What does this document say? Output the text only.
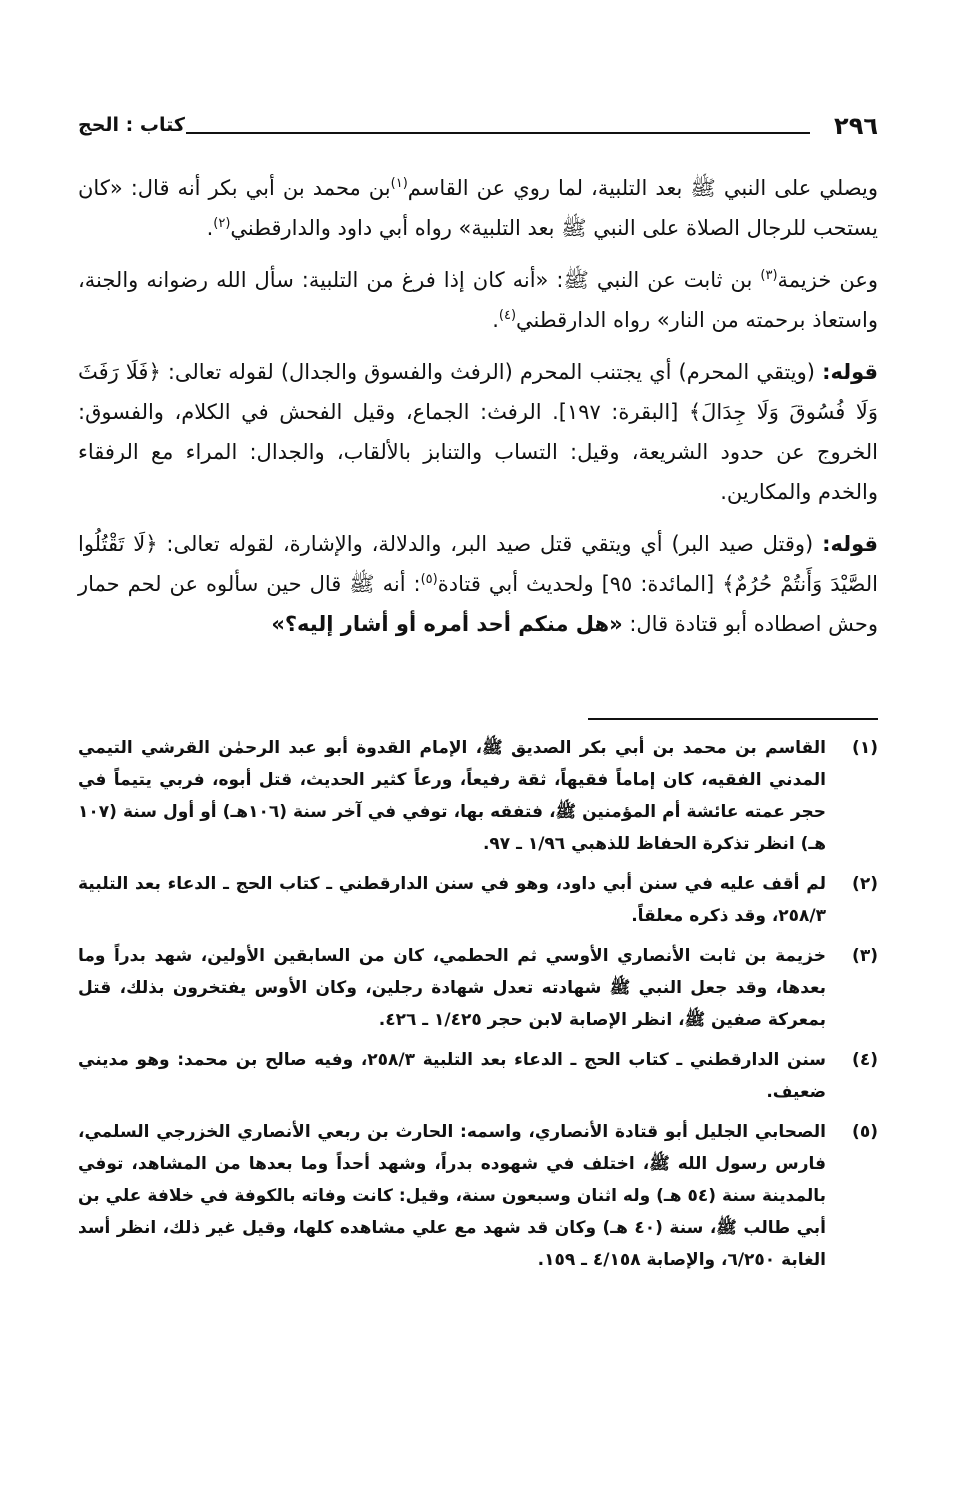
٢٩٦
كتاب : الحج

ويصلي على النبي ﷺ بعد التلبية، لما روي عن القاسم$^{(١)}$بن محمد بن أبي بكر أنه قال: «كان يستحب للرجال الصلاة على النبي ﷺ بعد التلبية» رواه أبي داود والدارقطني$^{(٢)}$.

وعن خزيمة$^{(٣)}$ بن ثابت عن النبي ﷺ: «أنه كان إذا فرغ من التلبية: سأل الله رضوانه والجنة، واستعاذ برحمته من النار» رواه الدارقطني$^{(٤)}$.

قوله: (ويتقي المحرم) أي يجتنب المحرم (الرفث والفسوق والجدال) لقوله تعالى: ﴿فَلَا رَفَثَ وَلَا فُسُوقَ وَلَا جِدَالَ﴾ [البقرة: ١٩٧]. الرفث: الجماع، وقيل الفحش في الكلام، والفسوق: الخروج عن حدود الشريعة، وقيل: التساب والتنابز بالألقاب، والجدال: المراء مع الرفقاء والخدم والمكارين.

قوله: (وقتل صيد البر) أي ويتقي قتل صيد البر، والدلالة، والإشارة، لقوله تعالى: ﴿لَا تَقْتُلُوا الصَّيْدَ وَأَنتُمْ حُرُمٌ﴾ [المائدة: ٩٥] ولحديث أبي قتادة$^{(٥)}$: أنه ﷺ قال حين سألوه عن لحم حمار وحش اصطاده أبو قتادة قال: «هل منكم أحد أمره أو أشار إليه؟»

(١)
القاسم بن محمد بن أبي بكر الصديق ﷺ، الإمام القدوة أبو عبد الرحمٰن القرشي التيمي المدني الفقيه، كان إماماً فقيهاً، ثقة رفيعاً، ورعاً كثير الحديث، قتل أبوه، فربي يتيماً في حجر عمته عائشة أم المؤمنين ﷺ، فتفقه بها، توفي في آخر سنة (١٠٦هـ) أو أول سنة (١٠٧ هـ) انظر تذكرة الحفاظ للذهبي ١/٩٦ ـ ٩٧.
(٢)
لم أقف عليه في سنن أبي داود، وهو في سنن الدارقطني ـ كتاب الحج ـ الدعاء بعد التلبية ٢٥٨/٣، وقد ذكره معلقاً.
(٣)
خزيمة بن ثابت الأنصاري الأوسي ثم الحطمي، كان من السابقين الأولين، شهد بدراً وما بعدها، وقد جعل النبي ﷺ شهادته تعدل شهادة رجلين، وكان الأوس يفتخرون بذلك، قتل بمعركة صفين ﷺ، انظر الإصابة لابن حجر ١/٤٢٥ ـ ٤٢٦.
(٤)
سنن الدارقطني ـ كتاب الحج ـ الدعاء بعد التلبية ٢٥٨/٣، وفيه صالح بن محمد: وهو مديني ضعيف.
(٥)
الصحابي الجليل أبو قتادة الأنصاري، واسمه: الحارث بن ربعي الأنصاري الخزرجي السلمي، فارس رسول الله ﷺ، اختلف في شهوده بدراً، وشهد أحداً وما بعدها من المشاهد، توفي بالمدينة سنة (٥٤ هـ) وله اثنان وسبعون سنة، وقيل: كانت وفاته بالكوفة في خلافة علي بن أبي طالب ﷺ، سنة (٤٠ هـ) وكان قد شهد مع علي مشاهده كلها، وقيل غير ذلك، انظر أسد الغابة ٦/٢٥٠، والإصابة ٤/١٥٨ ـ ١٥٩.
